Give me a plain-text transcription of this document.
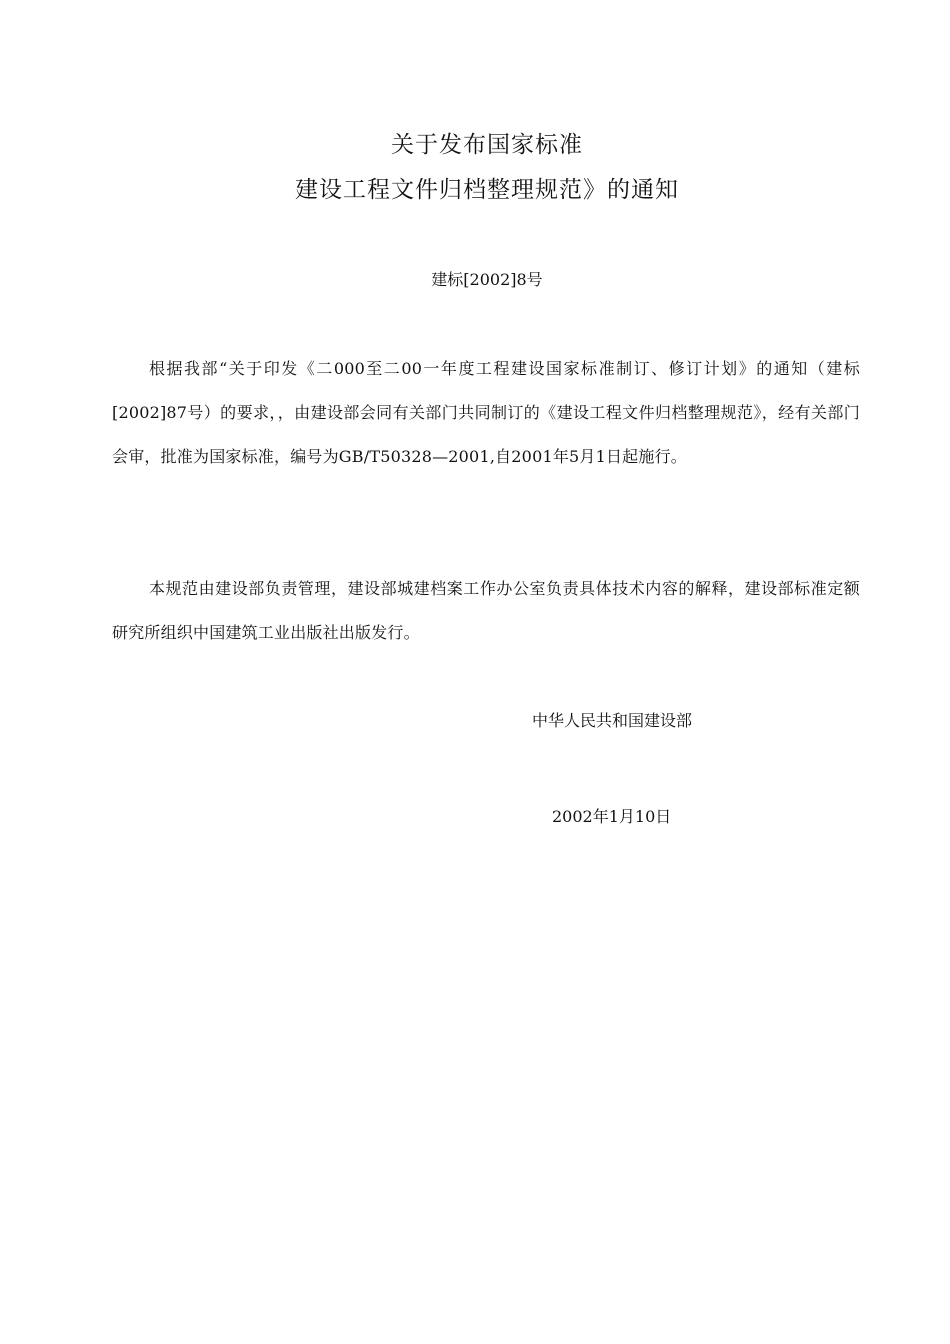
关于发布国家标准
建设工程文件归档整理规范》的通知
建标[2002]8号
根据我部“关于印发《二000至二00一年度工程建设国家标准制订、修订计划》的通知（建标[2002]87号）的要求，，由建设部会同有关部门共同制订的《建设工程文件归档整理规范》，经有关部门会审，批准为国家标准，编号为GB/T50328—2001,自2001年5月1日起施行。
本规范由建设部负责管理，建设部城建档案工作办公室负责具体技术内容的解释，建设部标准定额研究所组织中国建筑工业出版社出版发行。
中华人民共和国建设部
2002年1月10日
